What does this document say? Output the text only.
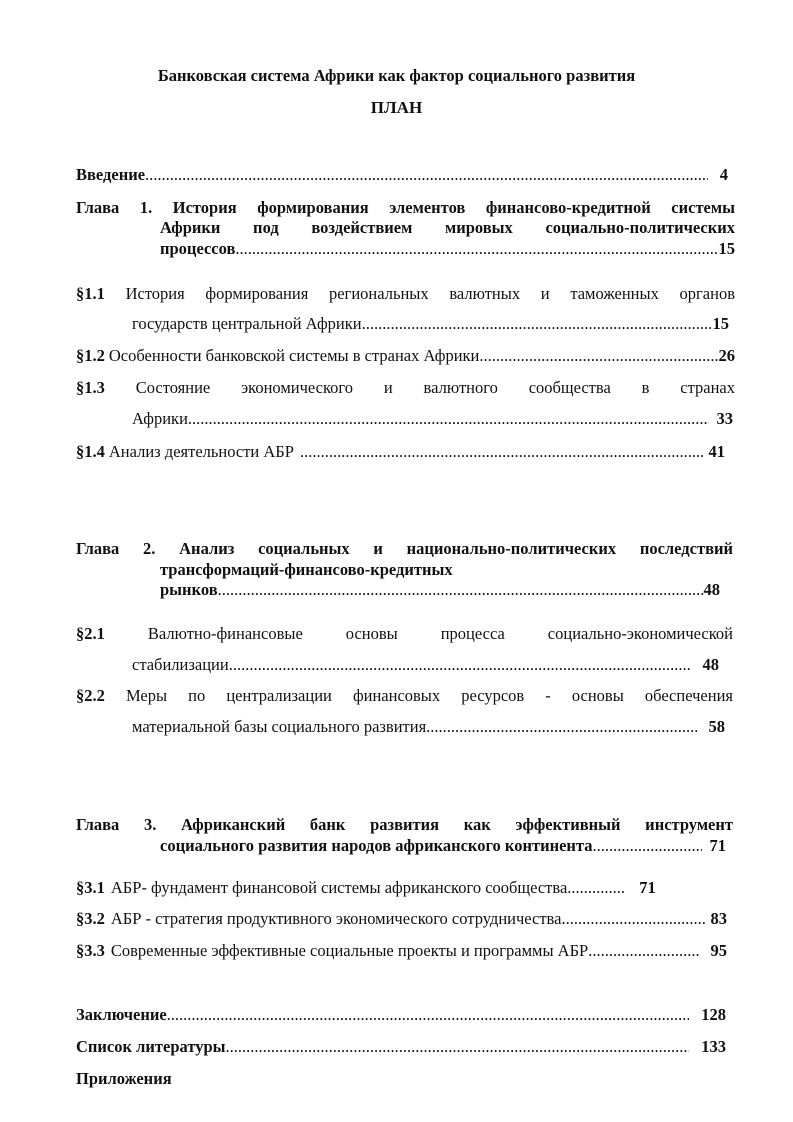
Банковская система Африки как фактор социального развития
ПЛАН
Введение .....	4
Глава 1. История формирования элементов финансово-кредитной системы
Африки под воздействием мировых социально-политических
процессов .....	15
§1.1 История формирования региональных валютных и таможенных органов
государств центральной Африки .....	15
§1.2 Особенности банковской системы в странах Африки .....	26
§1.3 Состояние экономического и валютного сообщества в странах
Африки .....	33
§1.4 Анализ деятельности АБР .....	41
Глава 2. Анализ социальных и национально-политических последствий
трансформаций-финансово-кредитных
рынков .....	48
§2.1	Валютно-финансовые основы процесса социально-экономической
стабилизации .....	48
§2.2 Меры по централизации финансовых ресурсов - основы обеспечения
материальной базы социального развития .....	58
Глава 3. Африканский банк развития как эффективный инструмент
социального развития народов африканского континента .....	71
§3.1 АБР- фундамент финансовой системы африканского сообщества .....	71
§3.2 АБР - стратегия продуктивного экономического сотрудничества .....	83
§3.3 Современные эффективные социальные проекты и программы АБР .....	95
Заключение .....	128
Список литературы .....	133
Приложения
